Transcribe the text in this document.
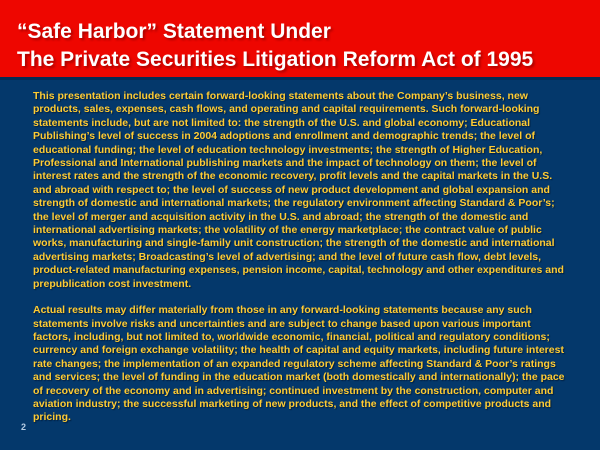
“Safe Harbor” Statement Under
The Private Securities Litigation Reform Act of 1995

This presentation includes certain forward-looking statements about the Company’s business, new products, sales, expenses, cash flows, and operating and capital requirements. Such forward-looking statements include, but are not limited to: the strength of the U.S. and global economy; Educational Publishing’s level of success in 2004 adoptions and enrollment and demographic trends; the level of educational funding; the level of education technology investments; the strength of Higher Education, Professional and International publishing markets and the impact of technology on them; the level of interest rates and the strength of the economic recovery, profit levels and the capital markets in the U.S. and abroad with respect to; the level of success of new product development and global expansion and strength of domestic and international markets; the regulatory environment affecting Standard & Poor’s; the level of merger and acquisition activity in the U.S. and abroad; the strength of the domestic and international advertising markets; the volatility of the energy marketplace; the contract value of public works, manufacturing and single-family unit construction; the strength of the domestic and international advertising markets; Broadcasting’s level of advertising; and the level of future cash flow, debt levels, product-related manufacturing expenses, pension income, capital, technology and other expenditures and prepublication cost investment.

Actual results may differ materially from those in any forward-looking statements because any such statements involve risks and uncertainties and are subject to change based upon various important factors, including, but not limited to, worldwide economic, financial, political and regulatory conditions; currency and foreign exchange volatility; the health of capital and equity markets, including future interest rate changes; the implementation of an expanded regulatory scheme affecting Standard & Poor’s ratings and services; the level of funding in the education market (both domestically and internationally); the pace of recovery of the economy and in advertising; continued investment by the construction, computer and aviation industry; the successful marketing of new products, and the effect of competitive products and pricing.

2
